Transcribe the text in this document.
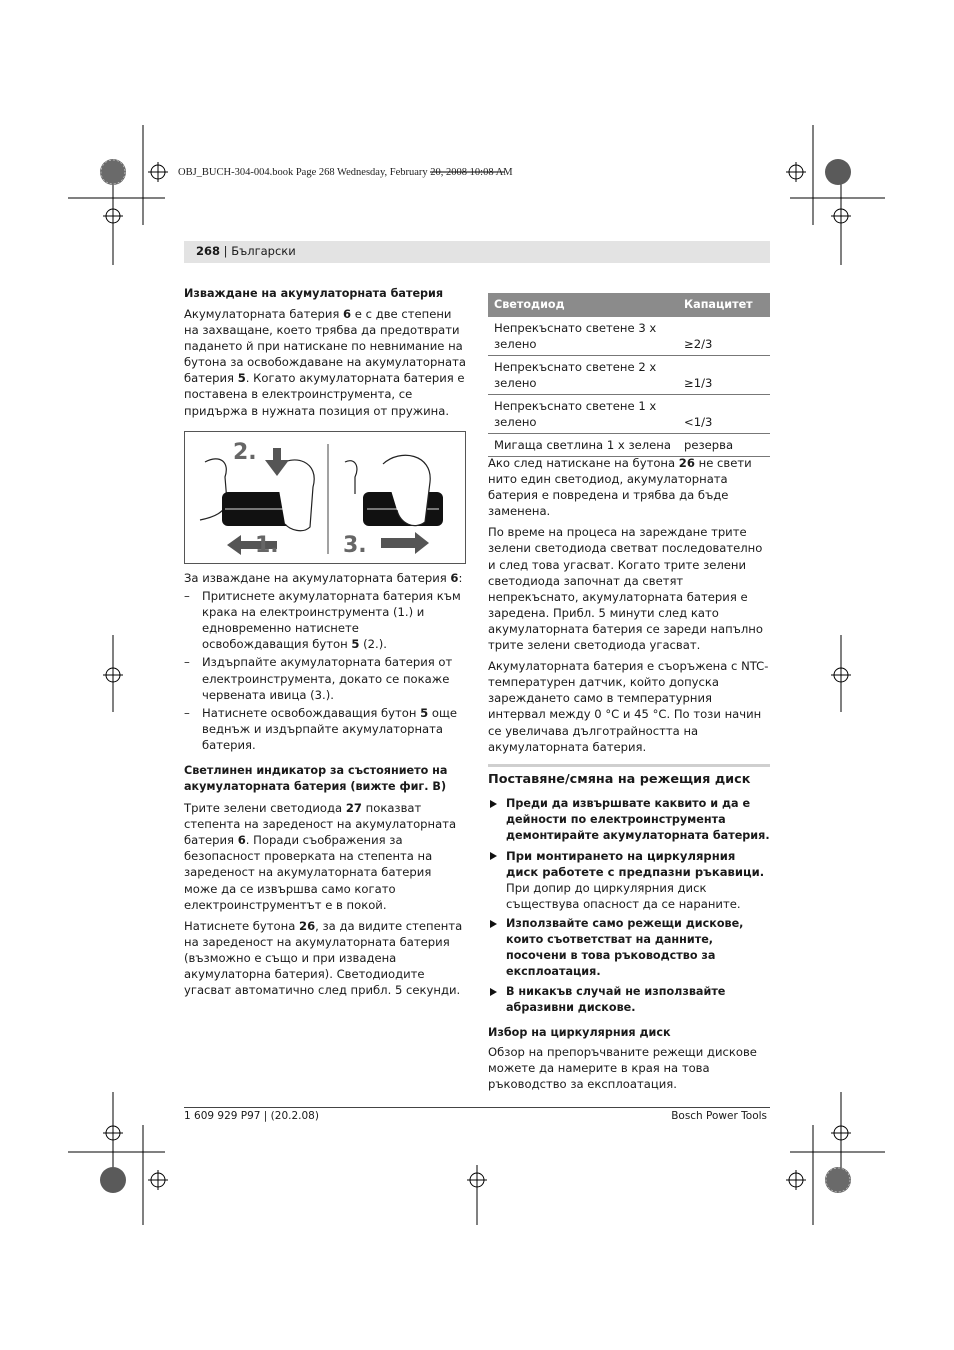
OBJ_BUCH-304-004.book Page 268 Wednesday, February 20, 2008 10:08 AM
268 | Български

Изваждане на акумулаторната батерия

Акумулаторната батерия 6 е с две степени на захващане, което трябва да предотврати падането й при натискане по невнимание на бутона за освобождаване на акумулаторната батерия 5. Когато акумулаторната батерия е поставена в електроинструмента, се придържа в нужната позиция от пружина.

2.
1.	3.

За изваждане на акумулаторната батерия 6:

– Притиснете акумулаторната батерия към крака на електроинструмента (1.) и едновременно натиснете освобождаващия бутон 5 (2.).
– Издърпайте акумулаторната батерия от електроинструмента, докато се покаже червената ивица (3.).
– Натиснете освобождаващия бутон 5 още веднъж и издърпайте акумулаторната батерия.

Светлинен индикатор за състоянието на акумулаторната батерия (вижте фиг. B)

Трите зелени светодиода 27 показват степента на зареденост на акумулаторната батерия 6. Поради съображения за безопасност проверката на степента на зареденост на акумулаторната батерия може да се извършва само когато електроинструментът е в покой.

Натиснете бутона 26, за да видите степента на зареденост на акумулаторната батерия (възможно е също и при извадена акумулаторна батерия). Светодиодите угасват автоматично след прибл. 5 секунди.

Светодиод	Капацитет
Непрекъснато светене 3 х зелено	≥2/3
Непрекъснато светене 2 х зелено	≥1/3
Непрекъснато светене 1 х зелено	<1/3
Мигаща светлина 1 х зелена	резерва

Ако след натискане на бутона 26 не свети нито един светодиод, акумулаторната батерия е повредена и трябва да бъде заменена.

По време на процеса на зареждане трите зелени светодиода светват последователно и след това угасват. Когато трите зелени светодиода започнат да светят непрекъснато, акумулаторната батерия е заредена. Прибл. 5 минути след като акумулаторната батерия се зареди напълно трите зелени светодиода угасват.

Акумулаторната батерия е съоръжена с NTC-температурен датчик, който допуска зареждането само в температурния интервал между 0 °C и 45 °C. По този начин се увеличава дълготрайността на акумулаторната батерия.

Поставяне/смяна на режещия диск
Преди да извършвате каквито и да е дейности по електроинструмента демонтирайте акумулаторната батерия.
При монтирането на циркулярния диск работете с предпазни ръкавици. При допир до циркулярния диск съществува опасност да се нараните.
Използвайте само режещи дискове, които съответстват на данните, посочени в това ръководство за експлоатация.
В никакъв случай не използвайте абразивни дискове.

Избор на циркулярния диск

Обзор на препоръчваните режещи дискове можете да намерите в края на това ръководство за експлоатация.

1 609 929 P97 | (20.2.08)	Bosch Power Tools
